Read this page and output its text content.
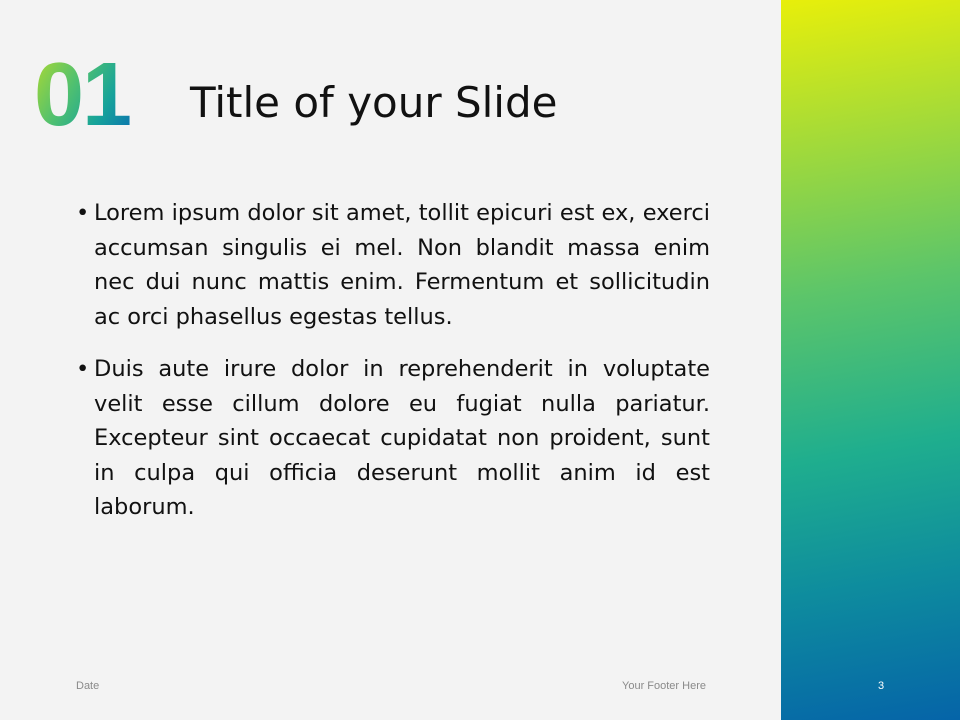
01 Title of your Slide
• Lorem ipsum dolor sit amet, tollit epicuri est ex, exerci accumsan singulis ei mel. Non blandit massa enim nec dui nunc mattis enim. Fermentum et sollicitudin ac orci phasellus egestas tellus.
• Duis aute irure dolor in reprehenderit in voluptate velit esse cillum dolore eu fugiat nulla pariatur. Excepteur sint occaecat cupidatat non proident, sunt in culpa qui officia deserunt mollit anim id est laborum.
Date	Your Footer Here	3
